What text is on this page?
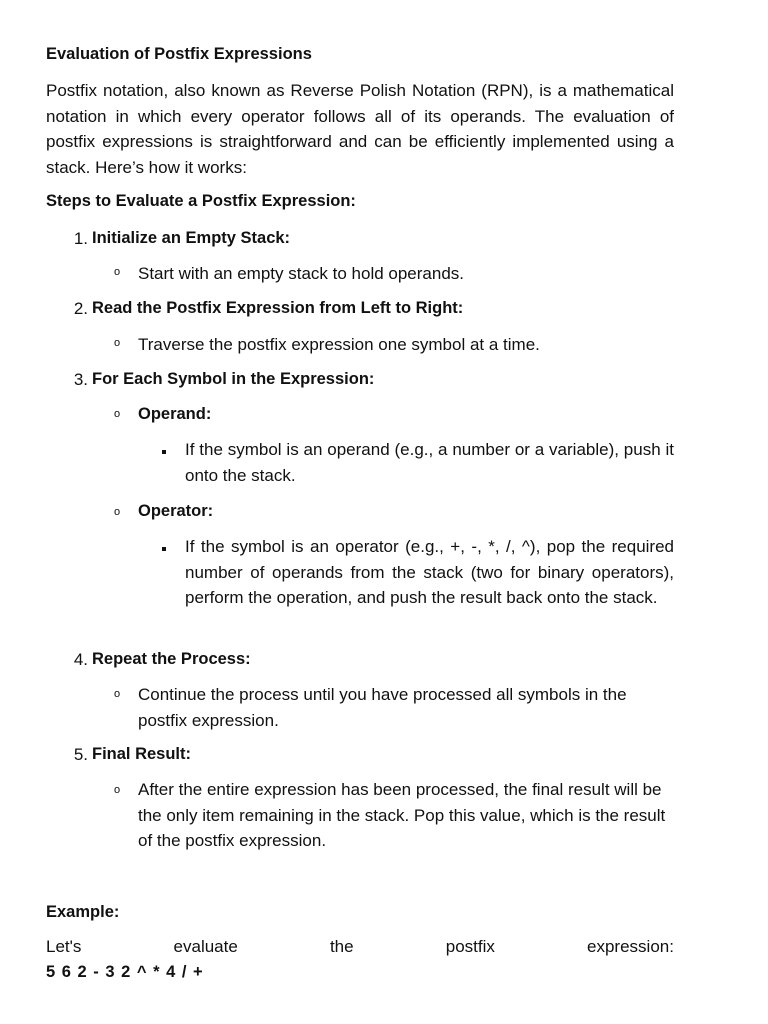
Evaluation of Postfix Expressions
Postfix notation, also known as Reverse Polish Notation (RPN), is a mathematical notation in which every operator follows all of its operands. The evaluation of postfix expressions is straightforward and can be efficiently implemented using a stack. Here’s how it works:
Steps to Evaluate a Postfix Expression:
1. Initialize an Empty Stack:
o Start with an empty stack to hold operands.
2. Read the Postfix Expression from Left to Right:
o Traverse the postfix expression one symbol at a time.
3. For Each Symbol in the Expression:
o Operand:
If the symbol is an operand (e.g., a number or a variable), push it onto the stack.
o Operator:
If the symbol is an operator (e.g., +, -, *, /, ^), pop the required number of operands from the stack (two for binary operators), perform the operation, and push the result back onto the stack.
4. Repeat the Process:
o Continue the process until you have processed all symbols in the postfix expression.
5. Final Result:
o After the entire expression has been processed, the final result will be the only item remaining in the stack. Pop this value, which is the result of the postfix expression.
Example:
Let's	evaluate	the	postfix	expression:
5 6 2 - 3 2 ^ * 4 / +
